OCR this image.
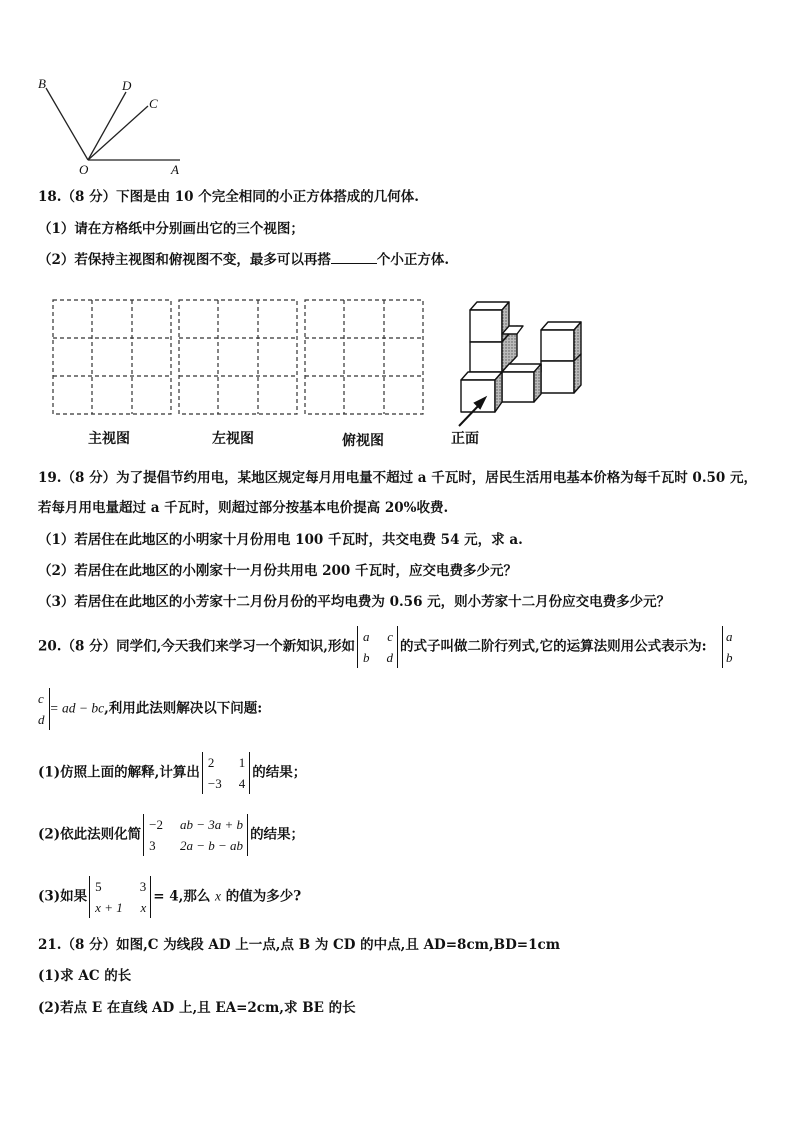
B	D
C
O	A
18.（8 分）下图是由 10 个完全相同的小正方体搭成的几何体.
（1）请在方格纸中分别画出它的三个视图；
（2）若保持主视图和俯视图不变，最多可以再搭	个小正方体.
主视图	左视图	俯视图	正面
19.（8 分）为了提倡节约用电，某地区规定每月用电量不超过 a 千瓦时，居民生活用电基本价格为每千瓦时 0.50 元，
若每月用电量超过 a 千瓦时，则超过部分按基本电价提高 20%收费.
（1）若居住在此地区的小明家十月份用电 100 千瓦时，共交电费 54 元，求 a.
（2）若居住在此地区的小刚家十一月份共用电 200 千瓦时，应交电费多少元？
（3）若居住在此地区的小芳家十二月份月份的平均电费为 0.56 元，则小芳家十二月份应交电费多少元？
20.（8 分）同学们,今天我们来学习一个新知识,形如
a	c
b	d
的式子叫做二阶行列式,它的运算法则用公式表示为:
a
b
c
d
= ad − bc,利用此法则解决以下问题:
(1)仿照上面的解释,计算出
2	1
−3	4
的结果；
(2)依此法则化简
−2	ab − 3a + b
3	2a − b − ab
的结果；
(3)如果
5	3
x + 1	x
= 4,那么 x 的值为多少?
21.（8 分）如图,C 为线段 AD 上一点,点 B 为 CD 的中点,且 AD=8cm,BD=1cm
(1)求 AC 的长
(2)若点 E 在直线 AD 上,且 EA=2cm,求 BE 的长
